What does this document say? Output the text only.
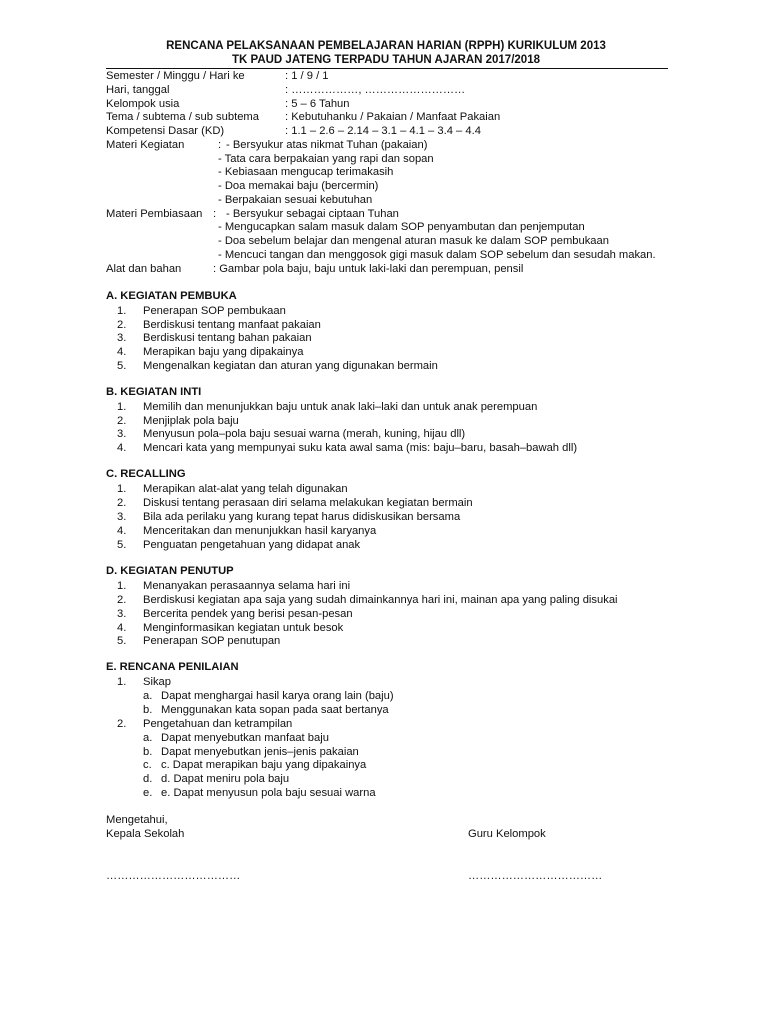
RENCANA PELAKSANAAN PEMBELAJARAN HARIAN (RPPH) KURIKULUM 2013
TK PAUD JATENG TERPADU TAHUN AJARAN 2017/2018
Semester / Minggu / Hari ke	: 1 / 9 / 1
Hari, tanggal	: ………………, ………………………
Kelompok usia	: 5 – 6 Tahun
Tema / subtema / sub subtema : Kebutuhanku / Pakaian / Manfaat Pakaian
Kompetensi Dasar (KD)	: 1.1 – 2.6 – 2.14 – 3.1 – 4.1 – 3.4 – 4.4
Materi Kegiatan	: - Bersyukur atas nikmat Tuhan (pakaian)
- Tata cara berpakaian yang rapi dan sopan
- Kebiasaan mengucap terimakasih
- Doa memakai baju (bercermin)
- Berpakaian sesuai kebutuhan
Materi Pembiasaan : - Bersyukur sebagai ciptaan Tuhan
- Mengucapkan salam masuk dalam SOP penyambutan dan penjemputan
- Doa sebelum belajar dan mengenal aturan masuk ke dalam SOP pembukaan
- Mencuci tangan dan menggosok gigi masuk dalam SOP sebelum dan sesudah makan.
Alat dan bahan	: Gambar pola baju, baju untuk laki-laki dan perempuan, pensil
A. KEGIATAN PEMBUKA
1. Penerapan SOP pembukaan
2. Berdiskusi tentang manfaat pakaian
3. Berdiskusi tentang bahan pakaian
4. Merapikan baju yang dipakainya
5. Mengenalkan kegiatan dan aturan yang digunakan bermain
B. KEGIATAN INTI
1. Memilih dan menunjukkan baju untuk anak laki–laki dan untuk anak perempuan
2. Menjiplak pola baju
3. Menyusun pola–pola baju sesuai warna (merah, kuning, hijau dll)
4. Mencari kata yang mempunyai suku kata awal sama (mis: baju–baru, basah–bawah dll)
C. RECALLING
1. Merapikan alat-alat yang telah digunakan
2. Diskusi tentang perasaan diri selama melakukan kegiatan bermain
3. Bila ada perilaku yang kurang tepat harus didiskusikan bersama
4. Menceritakan dan menunjukkan hasil karyanya
5. Penguatan pengetahuan yang didapat anak
D. KEGIATAN PENUTUP
1. Menanyakan perasaannya selama hari ini
2. Berdiskusi kegiatan apa saja yang sudah dimainkannya hari ini, mainan apa yang paling disukai
3. Bercerita pendek yang berisi pesan-pesan
4. Menginformasikan kegiatan untuk besok
5. Penerapan SOP penutupan
E. RENCANA PENILAIAN
1. Sikap
a. Dapat menghargai hasil karya orang lain (baju)
b. Menggunakan kata sopan pada saat bertanya
2. Pengetahuan dan ketrampilan
a. Dapat menyebutkan manfaat baju
b. Dapat menyebutkan jenis–jenis pakaian
c. c. Dapat merapikan baju yang dipakainya
d. d. Dapat meniru pola baju
e. e. Dapat menyusun pola baju sesuai warna
Mengetahui,
Kepala Sekolah	Guru Kelompok
………………………………	………………………………
